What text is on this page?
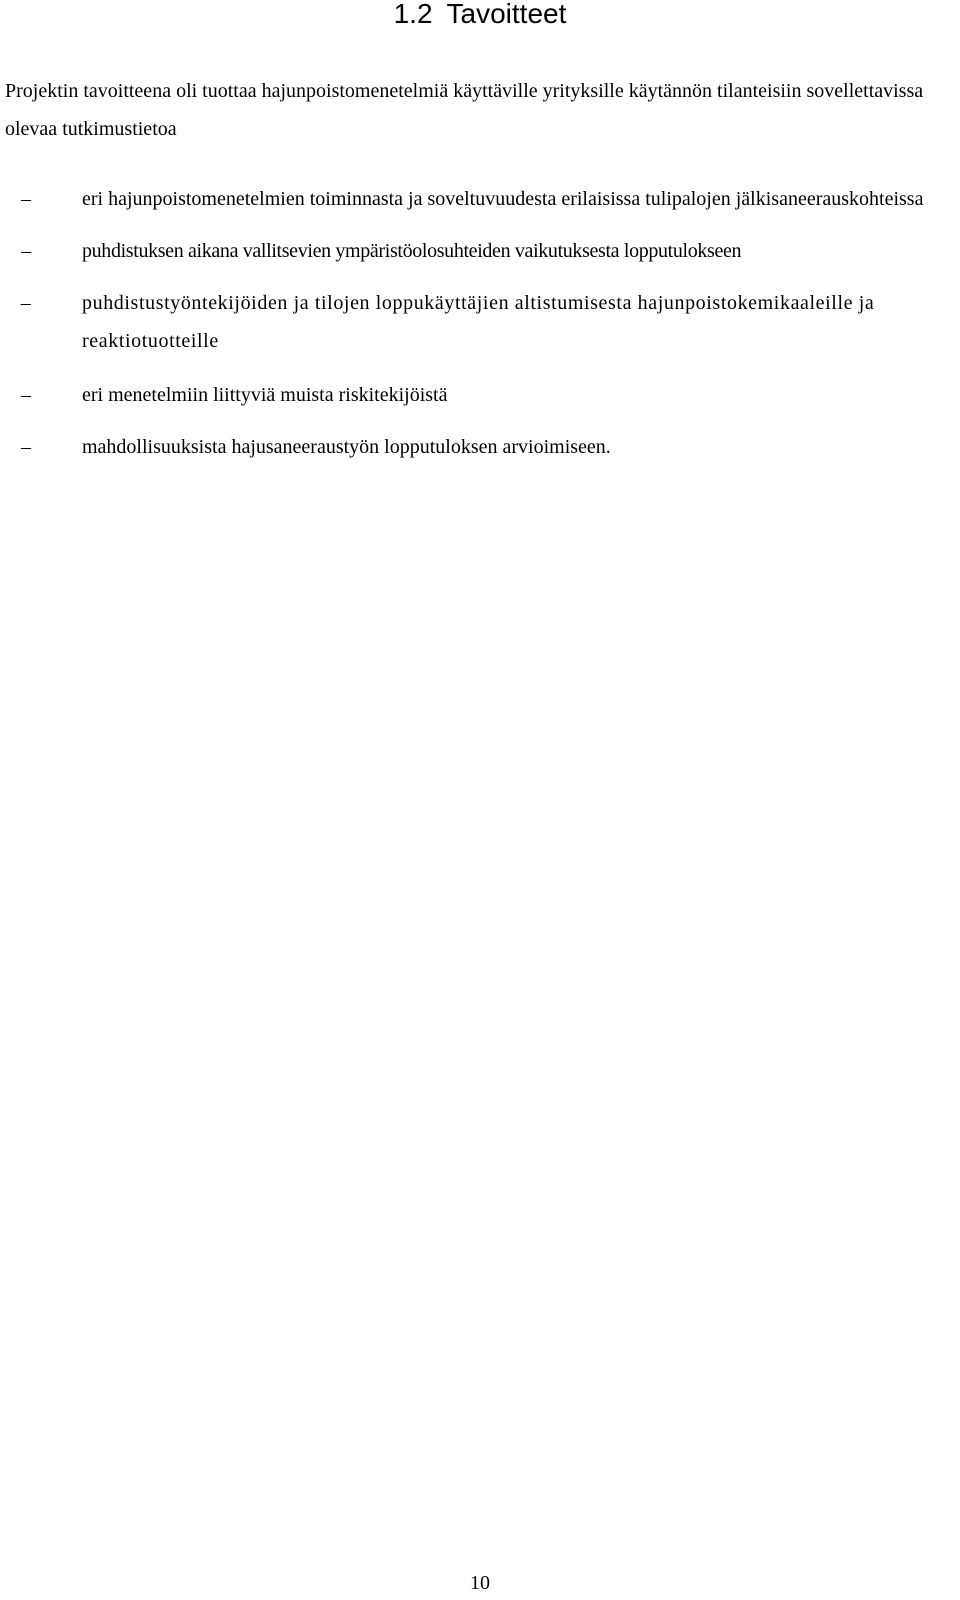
1.2 Tavoitteet

Projektin tavoitteena oli tuottaa hajunpoistomenetelmiä käyttäville yrityksille käytännön tilanteisiin sovellettavissa olevaa tutkimustietoa

–	eri hajunpoistomenetelmien toiminnasta ja soveltuvuudesta erilaisissa tulipalojen jälkisaneerauskohteissa
–	puhdistuksen aikana vallitsevien ympäristöolosuhteiden vaikutuksesta lopputulokseen
–	puhdistustyöntekijöiden ja tilojen loppukäyttäjien altistumisesta hajunpoistokemikaaleille ja reaktiotuotteille
–	eri menetelmiin liittyviä muista riskitekijöistä
–	mahdollisuuksista hajusaneeraustyön lopputuloksen arvioimiseen.
10
